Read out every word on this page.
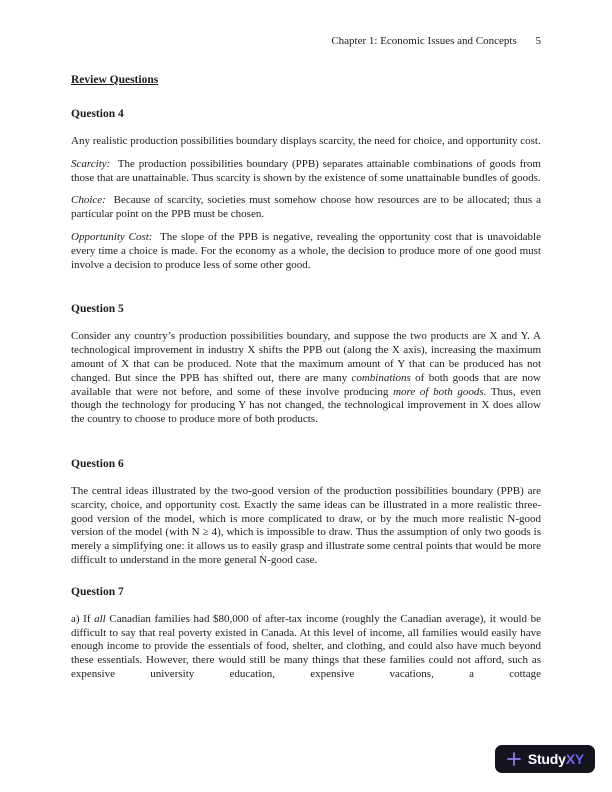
Chapter 1: Economic Issues and Concepts 5
Review Questions
Question 4

Any realistic production possibilities boundary displays scarcity, the need for choice, and opportunity cost.

Scarcity:  The production possibilities boundary (PPB) separates attainable combinations of goods from those that are unattainable. Thus scarcity is shown by the existence of some unattainable bundles of goods.

Choice:  Because of scarcity, societies must somehow choose how resources are to be allocated; thus a particular point on the PPB must be chosen.

Opportunity Cost:  The slope of the PPB is negative, revealing the opportunity cost that is unavoidable every time a choice is made. For the economy as a whole, the decision to produce more of one good must involve a decision to produce less of some other good.

Question 5

Consider any country’s production possibilities boundary, and suppose the two products are X and Y. A technological improvement in industry X shifts the PPB out (along the X axis), increasing the maximum amount of X that can be produced. Note that the maximum amount of Y that can be produced has not changed. But since the PPB has shifted out, there are many combinations of both goods that are now available that were not before, and some of these involve producing more of both goods. Thus, even though the technology for producing Y has not changed, the technological improvement in X does allow the country to choose to produce more of both products.

Question 6

The central ideas illustrated by the two-good version of the production possibilities boundary (PPB) are scarcity, choice, and opportunity cost. Exactly the same ideas can be illustrated in a more realistic three-good version of the model, which is more complicated to draw, or by the much more realistic N-good version of the model (with N ≥ 4), which is impossible to draw. Thus the assumption of only two goods is merely a simplifying one: it allows us to easily grasp and illustrate some central points that would be more difficult to understand in the more general N-good case.

Question 7

a) If all Canadian families had $80,000 of after-tax income (roughly the Canadian average), it would be difficult to say that real poverty existed in Canada. At this level of income, all families would easily have enough income to provide the essentials of food, shelter, and clothing, and could also have much beyond these essentials. However, there would still be many things that these families could not afford, such as expensive university education, expensive vacations, a cottage

StudyXY
